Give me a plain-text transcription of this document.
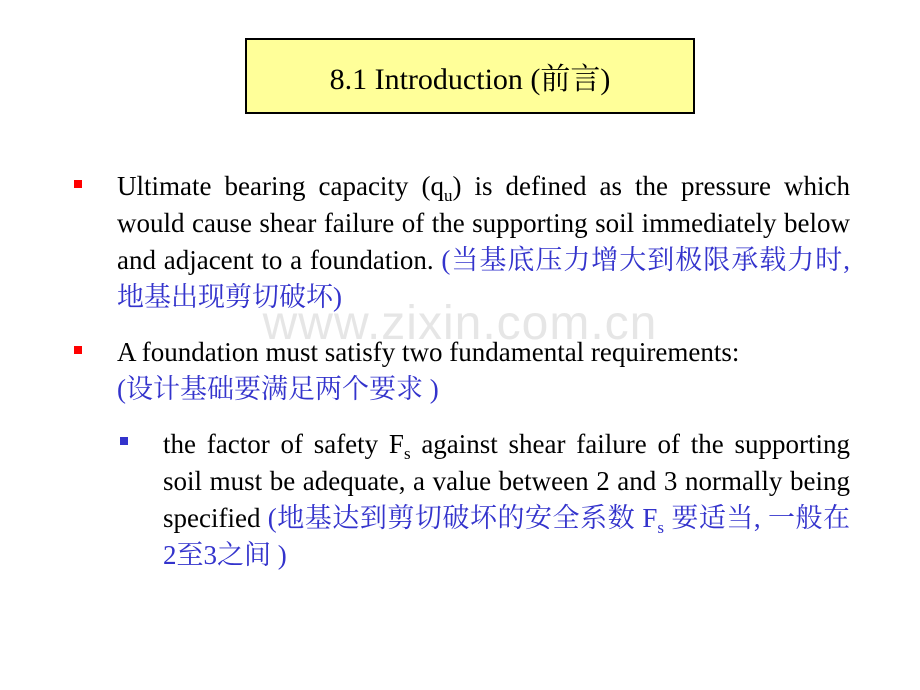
8.1 Introduction (前言)

Ultimate bearing capacity $(q_u)$ is defined as the pressure which would cause shear failure of the supporting soil immediately below and adjacent to a foundation. (当基底压力增大到极限承载力时, 地基出现剪切破坏)

www.zixin.com.cn

A foundation must satisfy two fundamental requirements:
(设计基础要满足两个要求 )

the factor of safety $F_s$ against shear failure of the supporting soil must be adequate, a value between 2 and 3 normally being specified (地基达到剪切破坏的安全系数 $F_s$ 要适当, 一般在2至3之间 )
